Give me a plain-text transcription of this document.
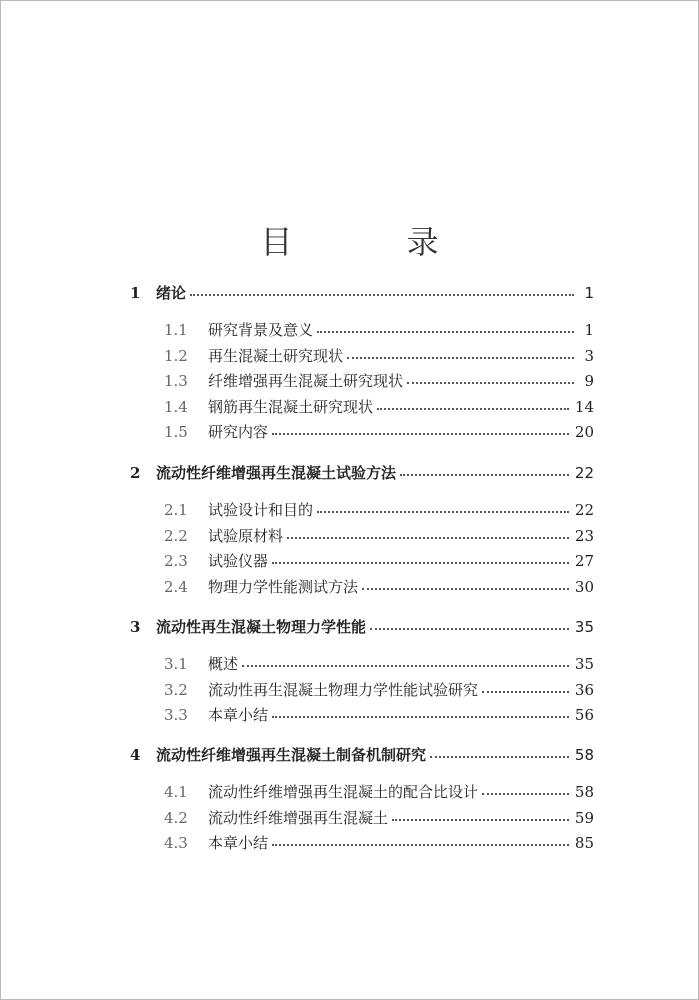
目 录
1	绪论	1
1.1	研究背景及意义	1
1.2	再生混凝土研究现状	3
1.3	纤维增强再生混凝土研究现状	9
1.4	钢筋再生混凝土研究现状	14
1.5	研究内容	20
2	流动性纤维增强再生混凝土试验方法	22
2.1	试验设计和目的	22
2.2	试验原材料	23
2.3	试验仪器	27
2.4	物理力学性能测试方法	30
3	流动性再生混凝土物理力学性能	35
3.1	概述	35
3.2	流动性再生混凝土物理力学性能试验研究	36
3.3	本章小结	56
4	流动性纤维增强再生混凝土制备机制研究	58
4.1	流动性纤维增强再生混凝土的配合比设计	58
4.2	流动性纤维增强再生混凝土	59
4.3	本章小结	85
